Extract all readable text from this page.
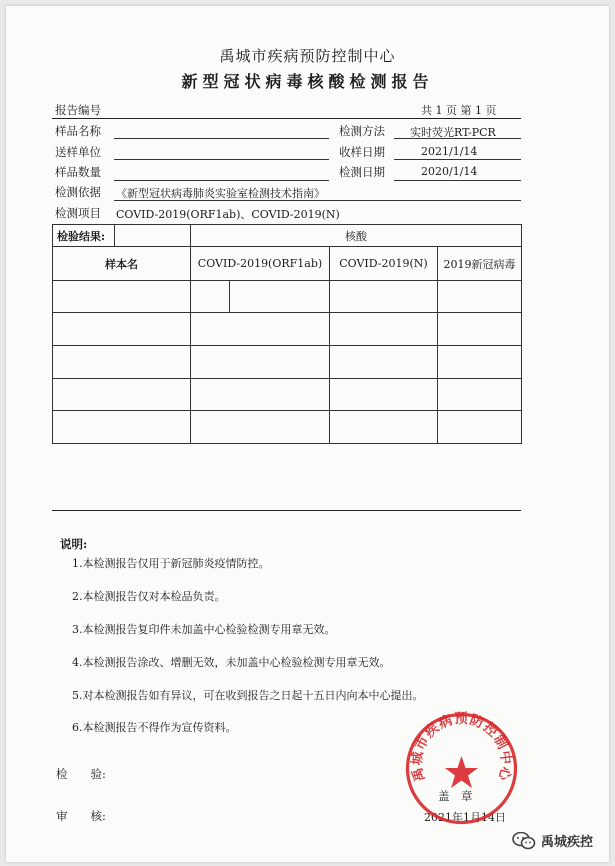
禹城市疾病预防控制中心
新型冠状病毒核酸检测报告
报告编号	共 1 页 第 1 页
样品名称	检测方法 实时荧光RT-PCR
送样单位	收样日期	2021/1/14
样品数量	检测日期	2020/1/14
检测依据 《新型冠状病毒肺炎实验室检测技术指南》
检测项目 COVID-2019(ORF1ab)、COVID-2019(N)
检验结果:		核酸			
样本名		COVID-2019(ORF1ab)		COVID-2019(N)	2019新冠病毒

说明:
1.本检测报告仅用于新冠肺炎疫情防控。
2.本检测报告仅对本检品负责。
3.本检测报告复印件未加盖中心检验检测专用章无效。
4.本检测报告涂改、增删无效，未加盖中心检验检测专用章无效。
5.对本检测报告如有异议，可在收到报告之日起十五日内向本中心提出。
6.本检测报告不得作为宣传资料。
检　　验:
审　　核:
盖　章
2021年1月14日
禹城市疾病预防控制中心
禹城疾控
